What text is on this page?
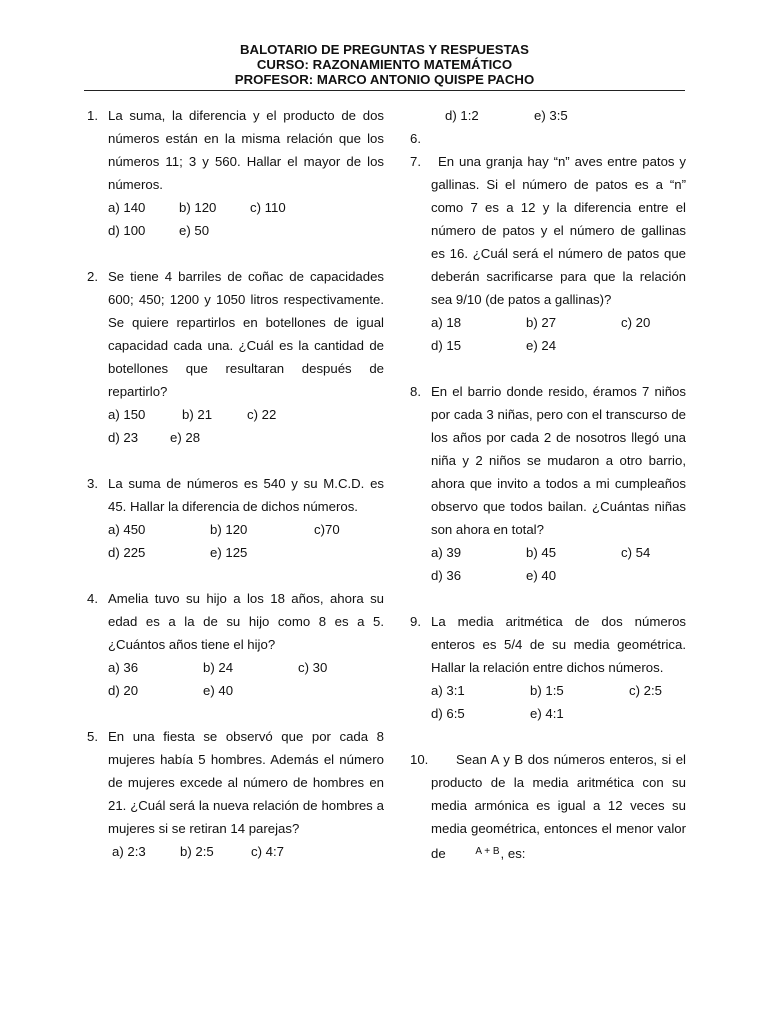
BALOTARIO DE PREGUNTAS Y RESPUESTAS
CURSO: RAZONAMIENTO MATEMÁTICO
PROFESOR: MARCO ANTONIO QUISPE PACHO
1. La suma, la diferencia y el producto de dos números están en la misma relación que los números 11; 3 y 560. Hallar el mayor de los números.
a) 140	b) 120	c) 110
d) 100	e) 50
2. Se tiene 4 barriles de coñac de capacidades 600; 450; 1200 y 1050 litros respectivamente. Se quiere repartirlos en botellones de igual capacidad cada una. ¿Cuál es la cantidad de botellones que resultaran después de repartirlo?
a) 150	b) 21	c) 22
d) 23 e) 28
3. La suma de números es 540 y su M.C.D. es 45. Hallar la diferencia de dichos números.
a) 450	b) 120	c)70
d) 225	e) 125
4. Amelia tuvo su hijo a los 18 años, ahora su edad es a la de su hijo como 8 es a 5. ¿Cuántos años tiene el hijo?
a) 36	b) 24	c) 30
d) 20	e) 40
5. En una fiesta se observó que por cada 8 mujeres había 5 hombres. Además el número de mujeres excede al número de hombres en 21. ¿Cuál será la nueva relación de hombres a mujeres si se retiran 14 parejas?
a) 2:3	b) 2:5	c) 4:7
d) 1:2	e) 3:5
6.
7.	En una granja hay “n” aves entre patos y gallinas. Si el número de patos es a “n” como 7 es a 12 y la diferencia entre el número de patos y el número de gallinas es 16. ¿Cuál será el número de patos que deberán sacrificarse para que la relación sea 9/10 (de patos a gallinas)?
a) 18	b) 27	c) 20
d) 15	e) 24
8. En el barrio donde resido, éramos 7 niños por cada 3 niñas, pero con el transcurso de los años por cada 2 de nosotros llegó una niña y 2 niños se mudaron a otro barrio, ahora que invito a todos a mi cumpleaños observo que todos bailan. ¿Cuántas niñas son ahora en total?
a) 39	b) 45	c) 54
d) 36	e) 40
9. La media aritmética de dos números enteros es 5/4 de su media geométrica. Hallar la relación entre dichos números.
a) 3:1	b) 1:5	c) 2:5
d) 6:5	e) 4:1
10.	Sean A y B dos números enteros, si el producto de la media aritmética con su media armónica es igual a 12 veces su media geométrica, entonces el menor valor de	A + B, es:
